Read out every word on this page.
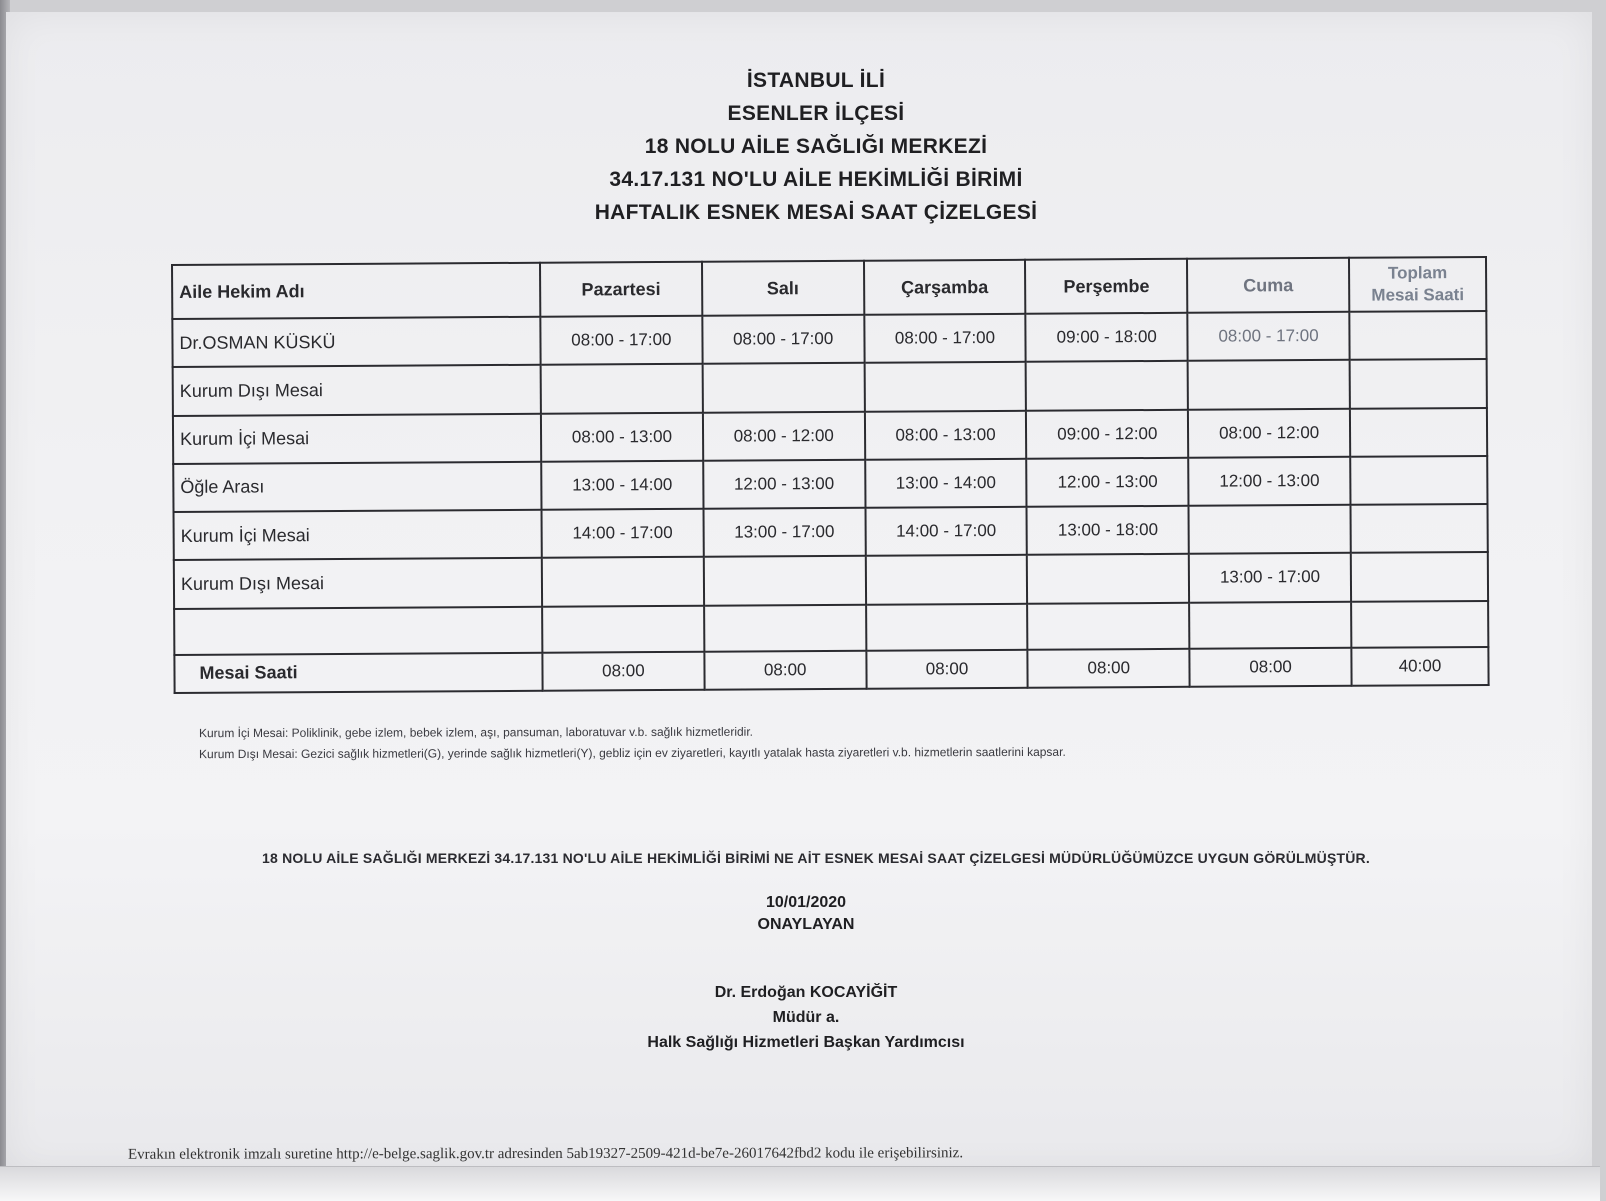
İSTANBUL İLİ
ESENLER İLÇESİ
18 NOLU AİLE SAĞLIĞI MERKEZİ
34.17.131 NO'LU AİLE HEKİMLİĞİ BİRİMİ
HAFTALIK ESNEK MESAİ SAAT ÇİZELGESİ
Aile Hekim Adı	Pazartesi	Salı	Çarşamba	Perşembe	Cuma	Toplam
Mesai Saati

Dr.OSMAN KÜSKÜ	08:00 - 17:00	08:00 - 17:00	08:00 - 17:00	09:00 - 18:00	08:00 - 17:00	
Kurum Dışı Mesai						
Kurum İçi Mesai	08:00 - 13:00	08:00 - 12:00	08:00 - 13:00	09:00 - 12:00	08:00 - 12:00	
Öğle Arası	13:00 - 14:00	12:00 - 13:00	13:00 - 14:00	12:00 - 13:00	12:00 - 13:00	
Kurum İçi Mesai	14:00 - 17:00	13:00 - 17:00	14:00 - 17:00	13:00 - 18:00		
Kurum Dışı Mesai					13:00 - 17:00	

Mesai Saati	08:00	08:00	08:00	08:00	08:00	40:00
Kurum İçi Mesai: Poliklinik, gebe izlem, bebek izlem, aşı, pansuman, laboratuvar v.b. sağlık hizmetleridir.
Kurum Dışı Mesai: Gezici sağlık hizmetleri(G), yerinde sağlık hizmetleri(Y), gebliz için ev ziyaretleri, kayıtlı yatalak hasta ziyaretleri v.b. hizmetlerin saatlerini kapsar.
18 NOLU AİLE SAĞLIĞI MERKEZİ 34.17.131 NO'LU AİLE HEKİMLİĞİ BİRİMİ NE AİT ESNEK MESAİ SAAT ÇİZELGESİ MÜDÜRLÜĞÜMÜZCE UYGUN GÖRÜLMÜŞTÜR.
10/01/2020
ONAYLAYAN
Dr. Erdoğan KOCAYİĞİT
Müdür a.
Halk Sağlığı Hizmetleri Başkan Yardımcısı
Evrakın elektronik imzalı suretine http://e-belge.saglik.gov.tr adresinden 5ab19327-2509-421d-be7e-26017642fbd2 kodu ile erişebilirsiniz.
